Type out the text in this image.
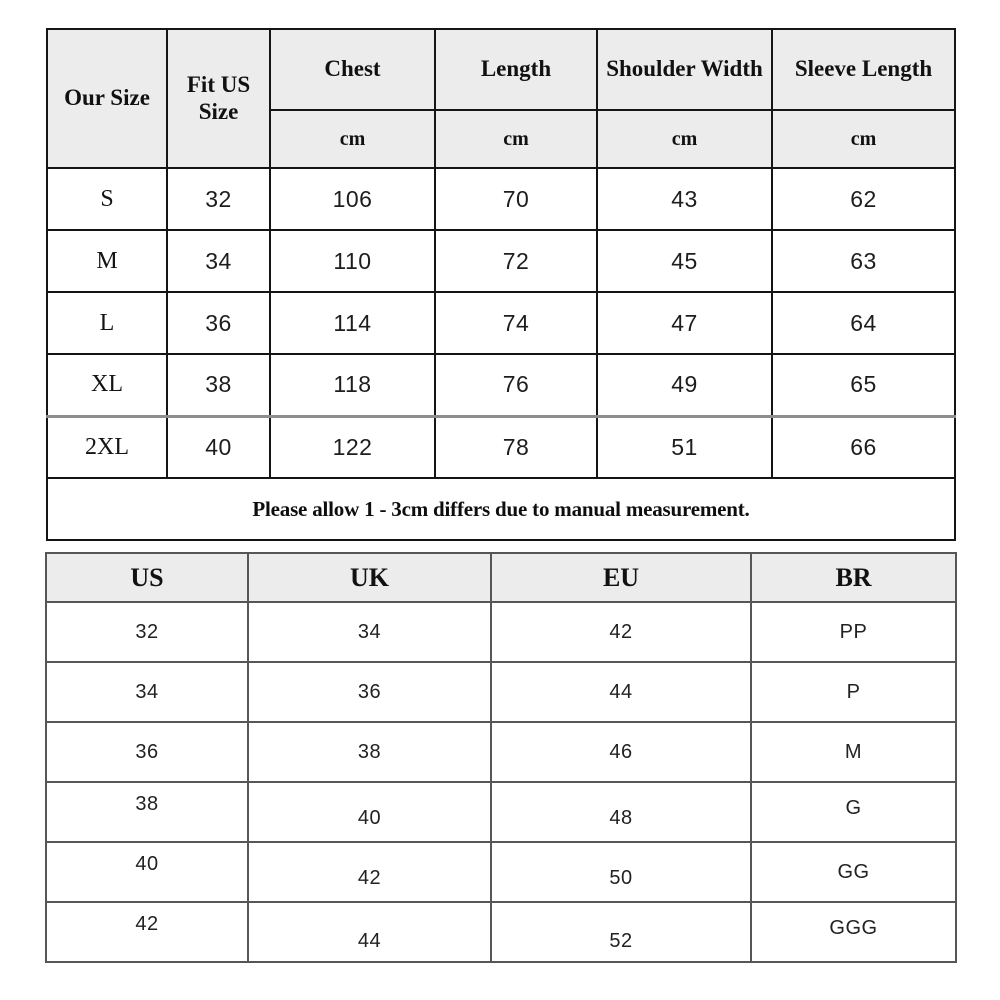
Our Size	Fit US Size	Chest	Length	Shoulder Width	Sleeve Length
		cm	cm	cm	cm
S	32	106	70	43	62
M	34	110	72	45	63
L	36	114	74	47	64
XL	38	118	76	49	65
2XL	40	122	78	51	66
Please allow 1 - 3cm differs due to manual measurement.					
US	UK	EU	BR
32	34	42	PP
34	36	44	P
36	38	46	M
38	40	48	G
40	42	50	GG
42	44	52	GGG
